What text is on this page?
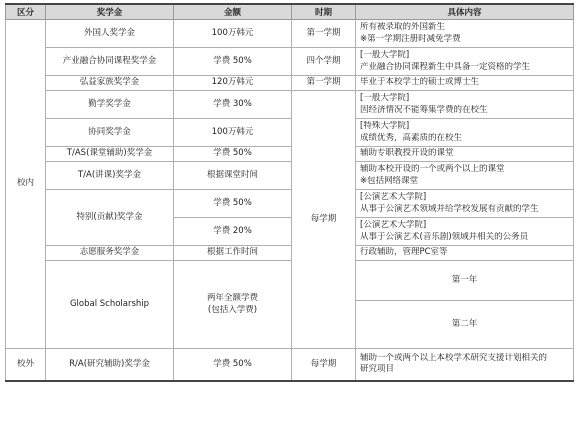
区分	奖学金	金额	时期	具体内容	
校内	外国人奖学金	100万韩元	第一学期	所有被录取的外国新生
※第一学期注册时减免学费	

	产业融合协同课程奖学金	学费 50%	四个学期	[一般大学院]
产业融合协同课程新生中具备一定资格的学生	

	弘益家族奖学金	120万韩元	第一学期	毕业于本校学士的硕士或博士生	

	勤学奖学金	学费 30%	每学期	[一般大学院]
因经济情况不能筹集学费的在校生	

	协同奖学金	100万韩元		[特殊大学院]
成绩优秀，高素质的在校生	

	T/AS(课堂辅助)奖学金	学费 50%		辅助专职教授开设的课堂	

	T/A(讲课)奖学金	根据课堂时间		辅助本校开设的一个或两个以上的课堂
※包括网络课堂	

	特别(贡献)奖学金	学费 50%		[公演艺术大学院]
从事于公演艺术领域并给学校发展有贡献的学生	

		学费 20%		[公演艺术大学院]
从事于公演艺术(音乐剧)领域并相关的公务员	

	志愿服务奖学金	根据工作时间		行政辅助，管理PC室等	

	Global Scholarship	两年全额学费
(包括入学费)		第一年	

				第二年	

校外	R/A(研究辅助)奖学金	学费 50%	每学期	辅助一个或两个以上本校学术研究支援计划相关的
研究项目	
